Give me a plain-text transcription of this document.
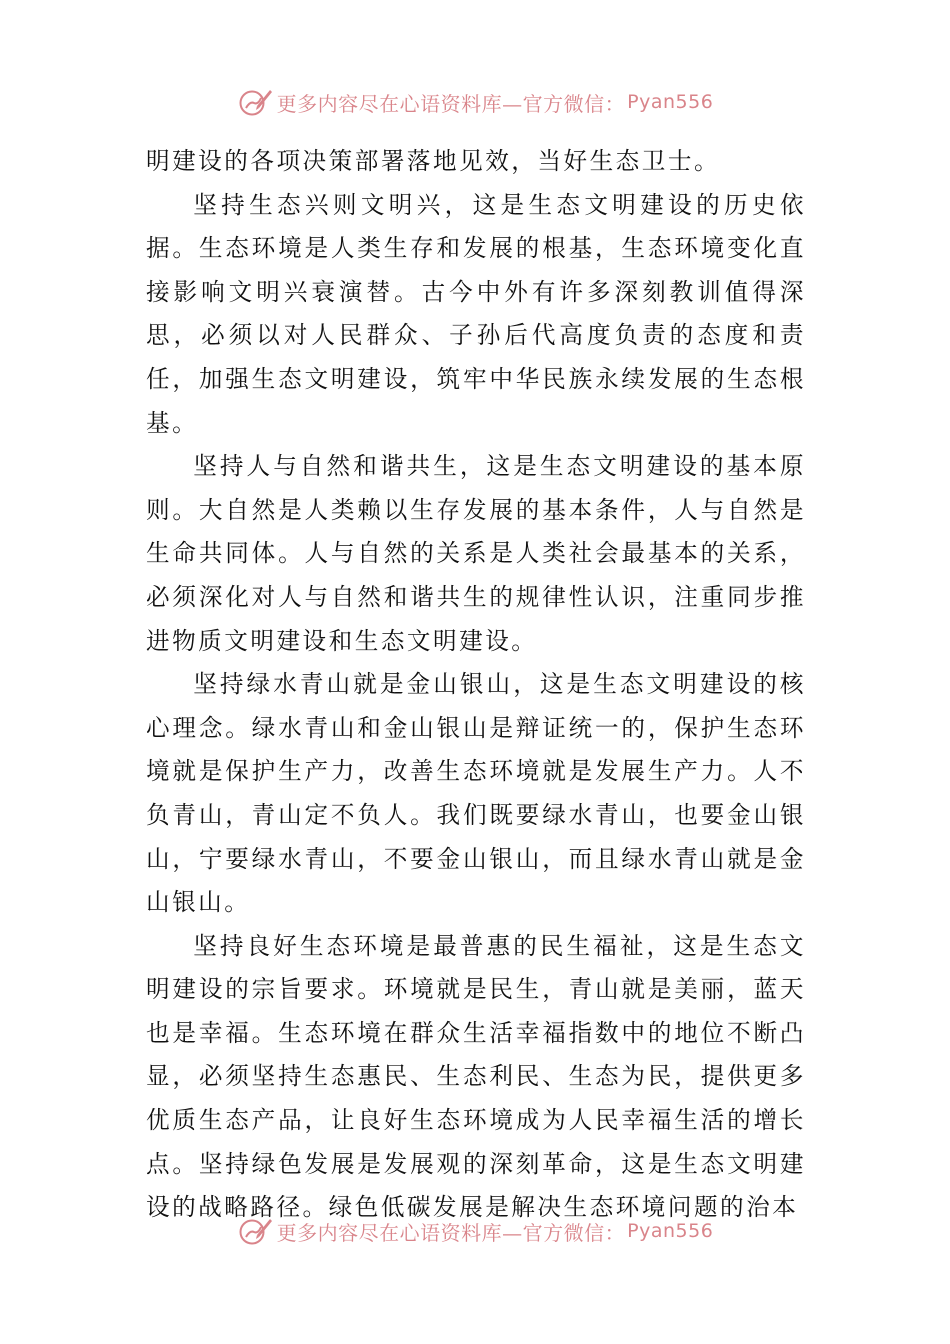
更多内容尽在心语资料库—官方微信： Pyan556

明建设的各项决策部署落地见效，当好生态卫士。

坚持生态兴则文明兴，这是生态文明建设的历史依据。生态环境是人类生存和发展的根基，生态环境变化直接影响文明兴衰演替。古今中外有许多深刻教训值得深思，必须以对人民群众、子孙后代高度负责的态度和责任，加强生态文明建设，筑牢中华民族永续发展的生态根基。

坚持人与自然和谐共生，这是生态文明建设的基本原则。大自然是人类赖以生存发展的基本条件，人与自然是生命共同体。人与自然的关系是人类社会最基本的关系，必须深化对人与自然和谐共生的规律性认识，注重同步推进物质文明建设和生态文明建设。

坚持绿水青山就是金山银山，这是生态文明建设的核心理念。绿水青山和金山银山是辩证统一的，保护生态环境就是保护生产力，改善生态环境就是发展生产力。人不负青山，青山定不负人。我们既要绿水青山，也要金山银山，宁要绿水青山，不要金山银山，而且绿水青山就是金山银山。

坚持良好生态环境是最普惠的民生福祉，这是生态文明建设的宗旨要求。环境就是民生，青山就是美丽，蓝天也是幸福。生态环境在群众生活幸福指数中的地位不断凸显，必须坚持生态惠民、生态利民、生态为民，提供更多优质生态产品，让良好生态环境成为人民幸福生活的增长点。坚持绿色发展是发展观的深刻革命，这是生态文明建设的战略路径。绿色低碳发展是解决生态环境问题的治本

更多内容尽在心语资料库—官方微信： Pyan556
